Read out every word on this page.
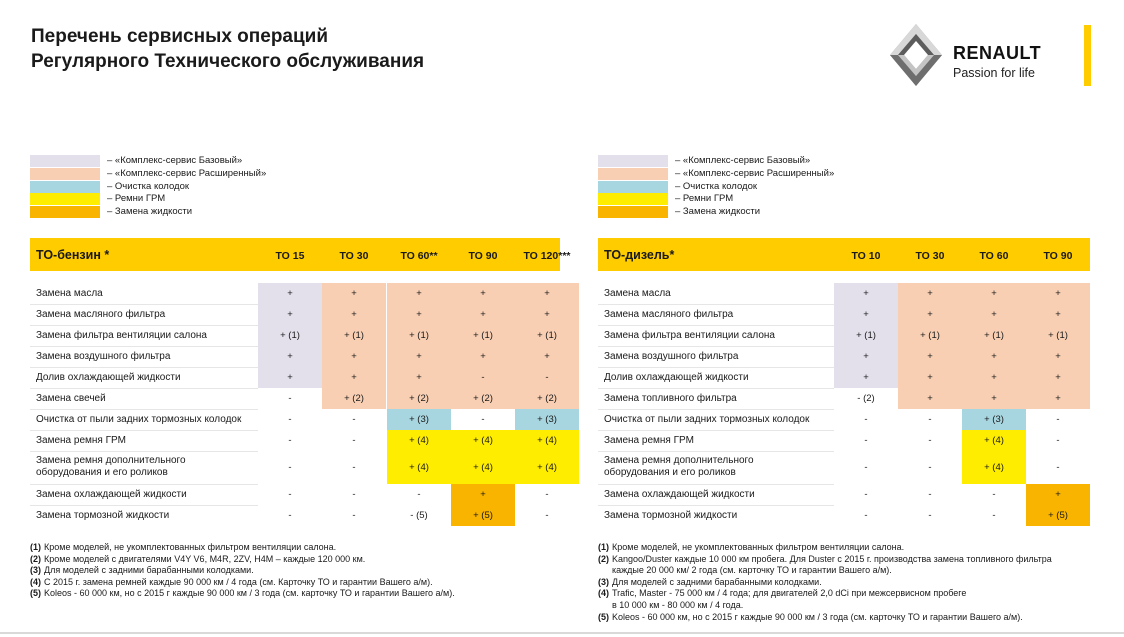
Перечень сервисных операций
Регулярного Технического обслуживания	RENAULT
Passion for life
– «Комплекс-сервис Базовый»
– «Комплекс-сервис Расширенный»
– Очистка колодок
– Ремни ГРМ
– Замена жидкости
– «Комплекс-сервис Базовый»
– «Комплекс-сервис Расширенный»
– Очистка колодок
– Ремни ГРМ
– Замена жидкости
ТО-бензин *	ТО 15	ТО 30	ТО 60**	ТО 90	ТО 120***
Замена масла	+	+	+	+	+
Замена масляного фильтра	+	+	+	+	+
Замена фильтра вентиляции салона	+ (1)	+ (1)	+ (1)	+ (1)	+ (1)
Замена воздушного фильтра	+	+	+	+	+
Долив охлаждающей жидкости	+	+	+	-	-
Замена свечей	-	+ (2)	+ (2)	+ (2)	+ (2)
Очистка от пыли задних тормозных колодок	-	-	+ (3)	-	+ (3)
Замена ремня ГРМ	-	-	+ (4)	+ (4)	+ (4)
Замена ремня дополнительного
оборудования и его роликов	-	-	+ (4)	+ (4)	+ (4)
Замена охлаждающей жидкости	-	-	-	+	-
Замена тормозной жидкости	-	-	- (5)	+ (5)	-
ТО-дизель*	ТО 10	ТО 30	ТО 60	ТО 90
Замена масла	+	+	+	+
Замена масляного фильтра	+	+	+	+
Замена фильтра вентиляции салона	+ (1)	+ (1)	+ (1)	+ (1)
Замена воздушного фильтра	+	+	+	+
Долив охлаждающей жидкости	+	+	+	+
Замена топливного фильтра	- (2)	+	+	+
Очистка от пыли задних тормозных колодок	-	-	+ (3)	-
Замена ремня ГРМ	-	-	+ (4)	-
Замена ремня дополнительного
оборудования и его роликов	-	-	+ (4)	-
Замена охлаждающей жидкости	-	-	-	+
Замена тормозной жидкости	-	-	-	+ (5)
(1) Кроме моделей, не укомплектованных фильтром вентиляции салона.
(2) Кроме моделей с двигателями V4Y V6, M4R, 2ZV, H4M – каждые 120 000 км.
(3) Для моделей с задними барабанными колодками.
(4) С 2015 г. замена ремней каждые 90 000 км / 4 года (см. Карточку ТО и гарантии Вашего а/м).
(5) Koleos - 60 000 км, но с 2015 г каждые 90 000 км / 3 года (см. карточку ТО и гарантии Вашего а/м).
(1) Кроме моделей, не укомплектованных фильтром вентиляции салона.
(2) Kangoo/Duster каждые 10 000 км пробега. Для Duster с 2015 г. производства замена топливного фильтра
каждые 20 000 км/ 2 года (см. карточку ТО и гарантии Вашего а/м).
(3) Для моделей с задними барабанными колодками.
(4) Trafic, Master - 75 000 км / 4 года; для двигателей 2,0 dCi при межсервисном пробеге
в 10 000 км - 80 000 км / 4 года.
(5) Koleos - 60 000 км, но с 2015 г каждые 90 000 км / 3 года (см. карточку ТО и гарантии Вашего а/м).
